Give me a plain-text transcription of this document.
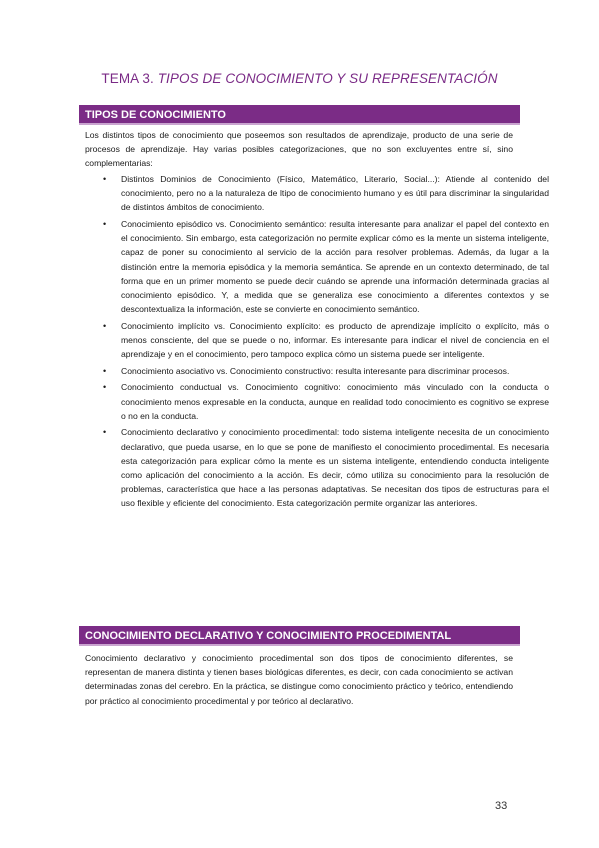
TEMA 3. TIPOS DE CONOCIMIENTO Y SU REPRESENTACIÓN
TIPOS DE CONOCIMIENTO

Los distintos tipos de conocimiento que poseemos son resultados de aprendizaje, producto de una serie de procesos de aprendizaje. Hay varias posibles categorizaciones, que no son excluyentes entre sí, sino complementarias:

• Distintos Dominios de Conocimiento (Físico, Matemático, Literario, Social...): Atiende al contenido del conocimiento, pero no a la naturaleza de ltipo de conocimiento humano y es útil para discriminar la singularidad de distintos ámbitos de conocimiento.
• Conocimiento episódico vs. Conocimiento semántico: resulta interesante para analizar el papel del contexto en el conocimiento. Sin embargo, esta categorización no permite explicar cómo es la mente un sistema inteligente, capaz de poner su conocimiento al servicio de la acción para resolver problemas. Además, da lugar a la distinción entre la memoria episódica y la memoria semántica. Se aprende en un contexto determinado, de tal forma que en un primer momento se puede decir cuándo se aprende una información determinada gracias al conocimiento episódico. Y, a medida que se generaliza ese conocimiento a diferentes contextos y se descontextualiza la información, este se convierte en conocimiento semántico.
• Conocimiento implícito vs. Conocimiento explícito: es producto de aprendizaje implícito o explícito, más o menos consciente, del que se puede o no, informar. Es interesante para indicar el nivel de conciencia en el aprendizaje y en el conocimiento, pero tampoco explica cómo un sistema puede ser inteligente.
• Conocimiento asociativo vs. Conocimiento constructivo: resulta interesante para discriminar procesos.
• Conocimiento conductual vs. Conocimiento cognitivo: conocimiento más vinculado con la conducta o conocimiento menos expresable en la conducta, aunque en realidad todo conocimiento es cognitivo se exprese o no en la conducta.
• Conocimiento declarativo y conocimiento procedimental: todo sistema inteligente necesita de un conocimiento declarativo, que pueda usarse, en lo que se pone de manifiesto el conocimiento procedimental. Es necesaria esta categorización para explicar cómo la mente es un sistema inteligente, entendiendo conducta inteligente como aplicación del conocimiento a la acción. Es decir, cómo utiliza su conocimiento para la resolución de problemas, característica que hace a las personas adaptativas. Se necesitan dos tipos de estructuras para el uso flexible y eficiente del conocimiento. Esta categorización permite organizar las anteriores.
CONOCIMIENTO DECLARATIVO Y CONOCIMIENTO PROCEDIMENTAL

Conocimiento declarativo y conocimiento procedimental son dos tipos de conocimiento diferentes, se representan de manera distinta y tienen bases biológicas diferentes, es decir, con cada conocimiento se activan determinadas zonas del cerebro. En la práctica, se distingue como conocimiento práctico y teórico, entendiendo por práctico al conocimiento procedimental y por teórico al declarativo.

33
